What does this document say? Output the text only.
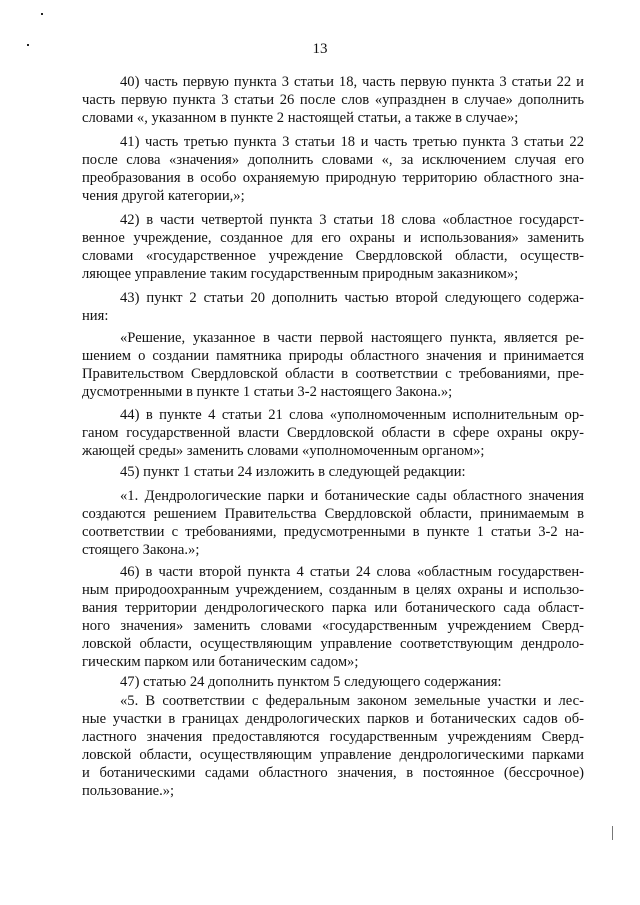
13
40) часть первую пункта 3 статьи 18, часть первую пункта 3 статьи 22 и
часть первую пункта 3 статьи 26 после слов «упразднен в случае» дополнить
словами «, указанном в пункте 2 настоящей статьи, а также в случае»;
41) часть третью пункта 3 статьи 18 и часть третью пункта 3 статьи 22
после слова «значения» дополнить словами «, за исключением случая его
преобразования в особо охраняемую природную территорию областного зна-
чения другой категории,»;
42) в части четвертой пункта 3 статьи 18 слова «областное государст-
венное учреждение, созданное для его охраны и использования» заменить
словами «государственное учреждение Свердловской области, осуществ-
ляющее управление таким государственным природным заказником»;
43) пункт 2 статьи 20 дополнить частью второй следующего содержа-
ния:
«Решение, указанное в части первой настоящего пункта, является ре-
шением о создании памятника природы областного значения и принимается
Правительством Свердловской области в соответствии с требованиями, пре-
дусмотренными в пункте 1 статьи 3-2 настоящего Закона.»;
44) в пункте 4 статьи 21 слова «уполномоченным исполнительным ор-
ганом государственной власти Свердловской области в сфере охраны окру-
жающей среды» заменить словами «уполномоченным органом»;
45) пункт 1 статьи 24 изложить в следующей редакции:
«1. Дендрологические парки и ботанические сады областного значения
создаются решением Правительства Свердловской области, принимаемым в
соответствии с требованиями, предусмотренными в пункте 1 статьи 3-2 на-
стоящего Закона.»;
46) в части второй пункта 4 статьи 24 слова «областным государствен-
ным природоохранным учреждением, созданным в целях охраны и использо-
вания территории дендрологического парка или ботанического сада област-
ного значения» заменить словами «государственным учреждением Сверд-
ловской области, осуществляющим управление соответствующим дендроло-
гическим парком или ботаническим садом»;
47) статью 24 дополнить пунктом 5 следующего содержания:
«5. В соответствии с федеральным законом земельные участки и лес-
ные участки в границах дендрологических парков и ботанических садов об-
ластного значения предоставляются государственным учреждениям Сверд-
ловской области, осуществляющим управление дендрологическими парками
и ботаническими садами областного значения, в постоянное (бессрочное)
пользование.»;
